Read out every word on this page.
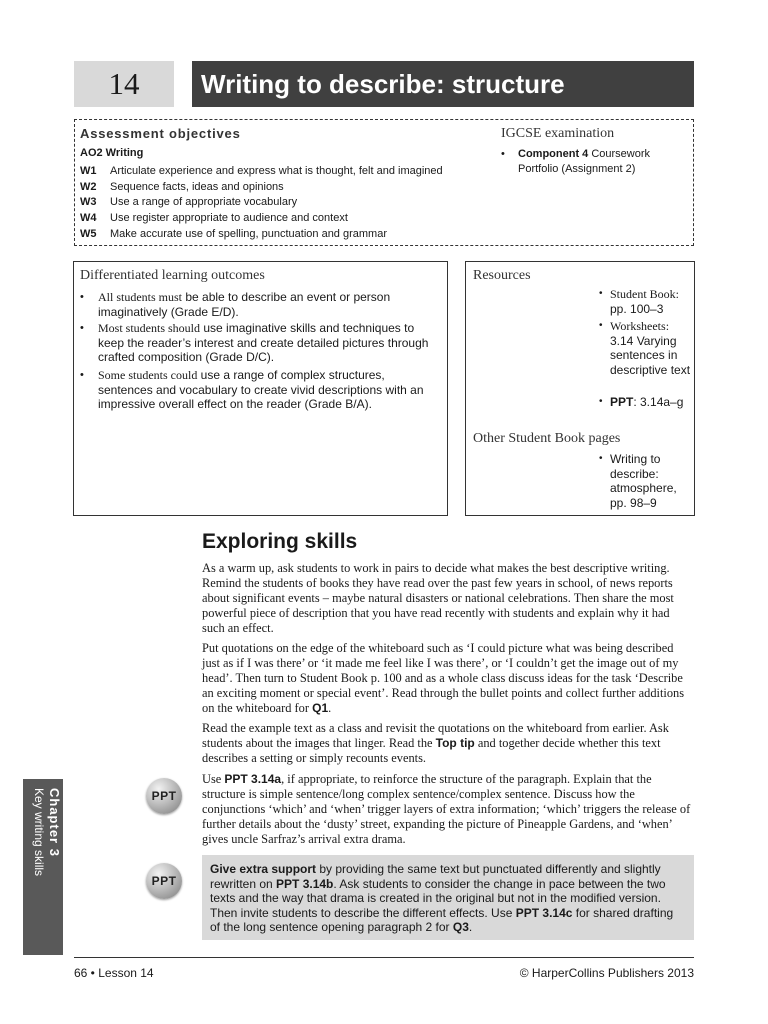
14	Writing to describe: structure
Assessment objectives
AO2 Writing
W1 Articulate experience and express what is thought, felt and imagined
W2 Sequence facts, ideas and opinions
W3 Use a range of appropriate vocabulary
W4 Use register appropriate to audience and context
W5 Make accurate use of spelling, punctuation and grammar
IGCSE examination
•	Component 4 Coursework Portfolio (Assignment 2)
Differentiated learning outcomes
•	All students must be able to describe an event or person imaginatively (Grade E/D).
•	Most students should use imaginative skills and techniques to keep the reader’s interest and create detailed pictures through crafted composition (Grade D/C).
•	Some students could use a range of complex structures, sentences and vocabulary to create vivid descriptions with an impressive overall effect on the reader (Grade B/A).
Resources
• Student Book: pp. 100–3
• Worksheets: 3.14 Varying sentences in descriptive text
• PPT: 3.14a–g
Other Student Book pages
• Writing to describe: atmosphere, pp. 98–9
Exploring skills
As a warm up, ask students to work in pairs to decide what makes the best descriptive writing. Remind the students of books they have read over the past few years in school, of news reports about significant events – maybe natural disasters or national celebrations. Then share the most powerful piece of description that you have read recently with students and explain why it had such an effect.
Put quotations on the edge of the whiteboard such as ‘I could picture what was being described just as if I was there’ or ‘it made me feel like I was there’, or ‘I couldn’t get the image out of my head’. Then turn to Student Book p. 100 and as a whole class discuss ideas for the task ‘Describe an exciting moment or special event’. Read through the bullet points and collect further additions on the whiteboard for Q1.
Read the example text as a class and revisit the quotations on the whiteboard from earlier. Ask students about the images that linger. Read the Top tip and together decide whether this text describes a setting or simply recounts events.
PPT
Use PPT 3.14a, if appropriate, to reinforce the structure of the paragraph. Explain that the structure is simple sentence/long complex sentence/complex sentence. Discuss how the conjunctions ‘which’ and ‘when’ trigger layers of extra information; ‘which’ triggers the release of further details about the ‘dusty’ street, expanding the picture of Pineapple Gardens, and ‘when’ gives uncle Sarfraz’s arrival extra drama.
PPT
Give extra support by providing the same text but punctuated differently and slightly rewritten on PPT 3.14b. Ask students to consider the change in pace between the two texts and the way that drama is created in the original but not in the modified version. Then invite students to describe the different effects. Use PPT 3.14c for shared drafting of the long sentence opening paragraph 2 for Q3.
Chapter 3
Key writing skills
66 • Lesson 14	© HarperCollins Publishers 2013
